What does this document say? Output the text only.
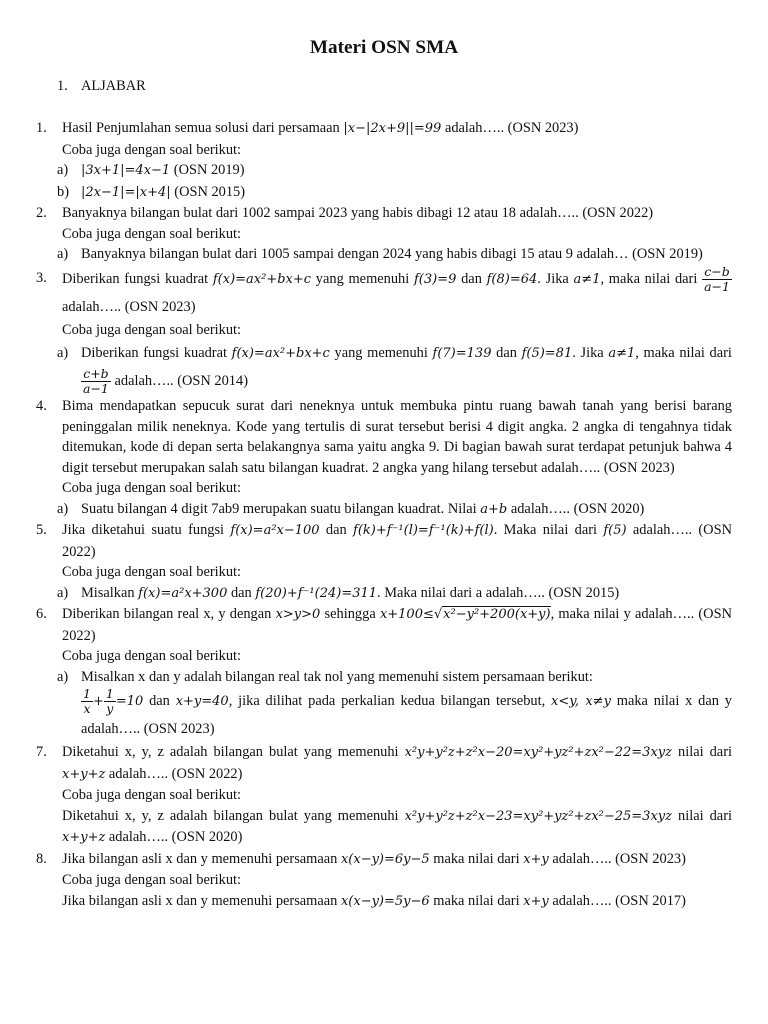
Materi OSN SMA
1. ALJABAR
1.	Hasil Penjumlahan semua solusi dari persamaan |x−|2x+9||=99 adalah….. (OSN 2023)
Coba juga dengan soal berikut:
a) |3x+1|=4x−1 (OSN 2019)
b) |2x−1|=|x+4| (OSN 2015)
2.	Banyaknya bilangan bulat dari 1002 sampai 2023 yang habis dibagi 12 atau 18 adalah….. (OSN 2022)
Coba juga dengan soal berikut:
a) Banyaknya bilangan bulat dari 1005 sampai dengan 2024 yang habis dibagi 15 atau 9 adalah… (OSN 2019)
3.	Diberikan fungsi kuadrat f(x)=ax²+bx+c yang memenuhi f(3)=9 dan f(8)=64. Jika a≠1, maka nilai dari $\frac{c-b}{a-1}$
adalah….. (OSN 2023)
Coba juga dengan soal berikut:
a) Diberikan fungsi kuadrat f(x)=ax²+bx+c yang memenuhi f(7)=139 dan f(5)=81. Jika a≠1, maka nilai dari
$\frac{c+b}{a-1}$ adalah….. (OSN 2014)
4.	Bima mendapatkan sepucuk surat dari neneknya untuk membuka pintu ruang bawah tanah yang berisi barang peninggalan milik neneknya. Kode yang tertulis di surat tersebut berisi 4 digit angka. 2 angka di tengahnya tidak ditemukan, kode di depan serta belakangnya sama yaitu angka 9. Di bagian bawah surat terdapat petunjuk bahwa 4 digit tersebut merupakan salah satu bilangan kuadrat. 2 angka yang hilang tersebut adalah….. (OSN 2023)
Coba juga dengan soal berikut:
a) Suatu bilangan 4 digit 7ab9 merupakan suatu bilangan kuadrat. Nilai a+b adalah….. (OSN 2020)
5.	Jika diketahui suatu fungsi f(x)=a²x−100 dan f(k)+f⁻¹(l)=f⁻¹(k)+f(l). Maka nilai dari f(5) adalah….. (OSN 2022)
Coba juga dengan soal berikut:
a) Misalkan f(x)=a²x+300 dan f(20)+f⁻¹(24)=311. Maka nilai dari a adalah….. (OSN 2015)
6.	Diberikan bilangan real x, y dengan x>y>0 sehingga x+100≤√x²−y²+200(x+y), maka nilai y adalah….. (OSN 2022)
Coba juga dengan soal berikut:
a) Misalkan x dan y adalah bilangan real tak nol yang memenuhi sistem persamaan berikut:
$\frac{1}{x} + \frac{1}{y} =10$ dan x+y=40, jika dilihat pada perkalian kedua bilangan tersebut, x<y, x≠y maka nilai x dan y adalah….. (OSN 2023)
7.	Diketahui x, y, z adalah bilangan bulat yang memenuhi x²y+y²z+z²x−20=xy²+yz²+zx²−22=3xyz nilai dari x+y+z adalah….. (OSN 2022)
Coba juga dengan soal berikut:
Diketahui x, y, z adalah bilangan bulat yang memenuhi x²y+y²z+z²x−23=xy²+yz²+zx²−25=3xyz nilai dari x+y+z adalah….. (OSN 2020)
8.	Jika bilangan asli x dan y memenuhi persamaan x(x−y)=6y−5 maka nilai dari x+y adalah….. (OSN 2023)
Coba juga dengan soal berikut:
Jika bilangan asli x dan y memenuhi persamaan x(x−y)=5y−6 maka nilai dari x+y adalah….. (OSN 2017)
